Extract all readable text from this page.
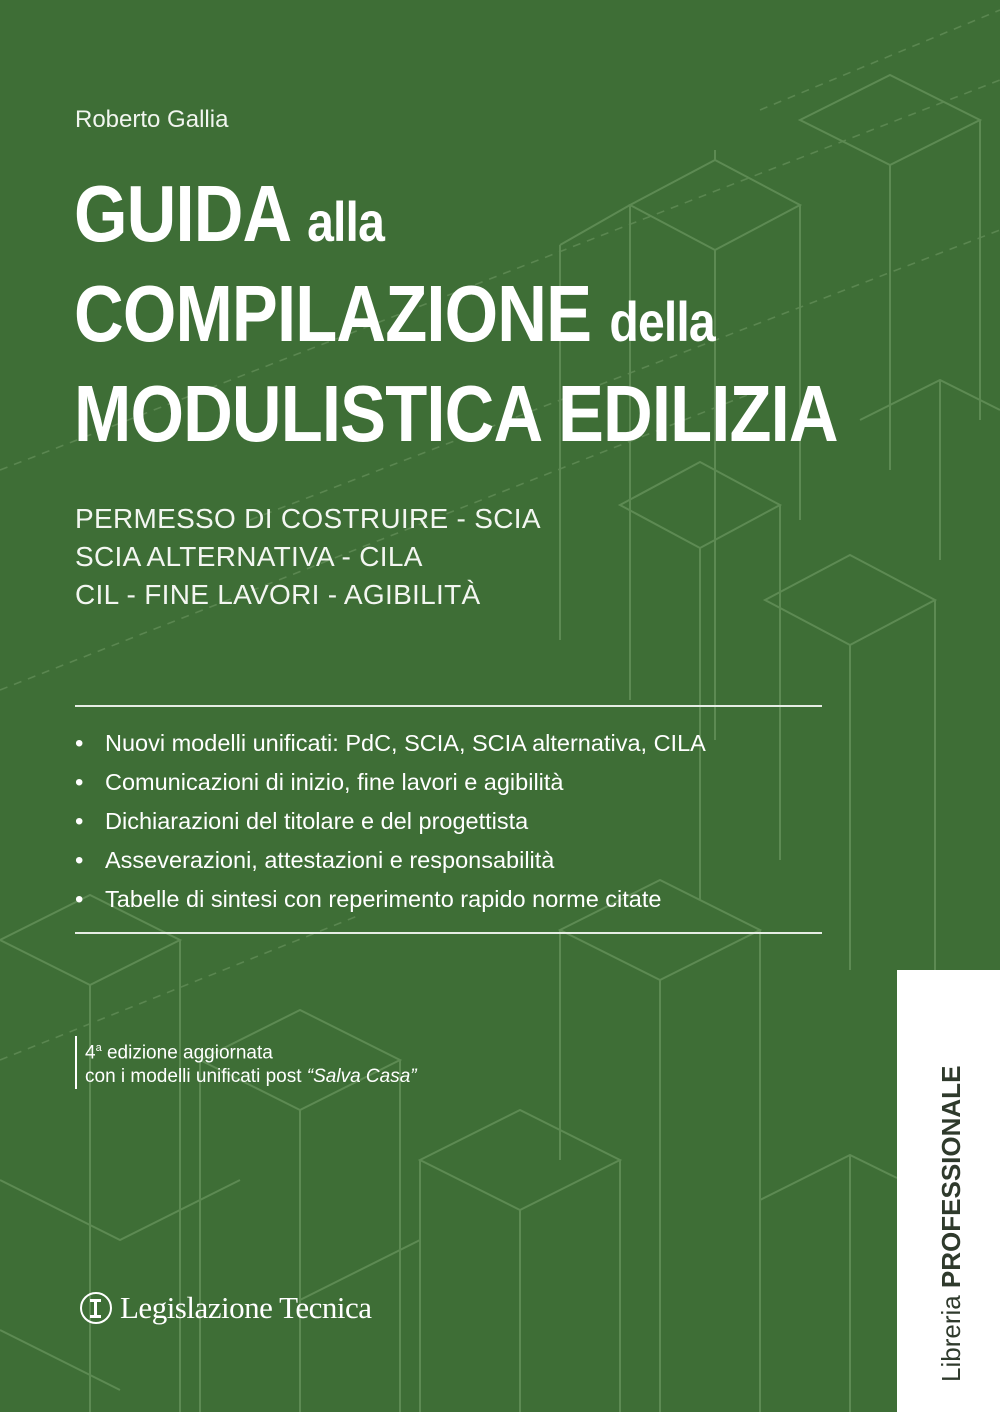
Roberto Gallia
GUIDA alla
COMPILAZIONE della
MODULISTICA EDILIZIA
PERMESSO DI COSTRUIRE - SCIA
SCIA ALTERNATIVA - CILA
CIL - FINE LAVORI - AGIBILITÀ
• Nuovi modelli unificati: PdC, SCIA, SCIA alternativa, CILA
• Comunicazioni di inizio, fine lavori e agibilità
• Dichiarazioni del titolare e del progettista
• Asseverazioni, attestazioni e responsabilità
• Tabelle di sintesi con reperimento rapido norme citate
4$^a$ edizione aggiornata
con i modelli unificati post “Salva Casa”
Legislazione Tecnica	Libreria PROFESSIONALE
